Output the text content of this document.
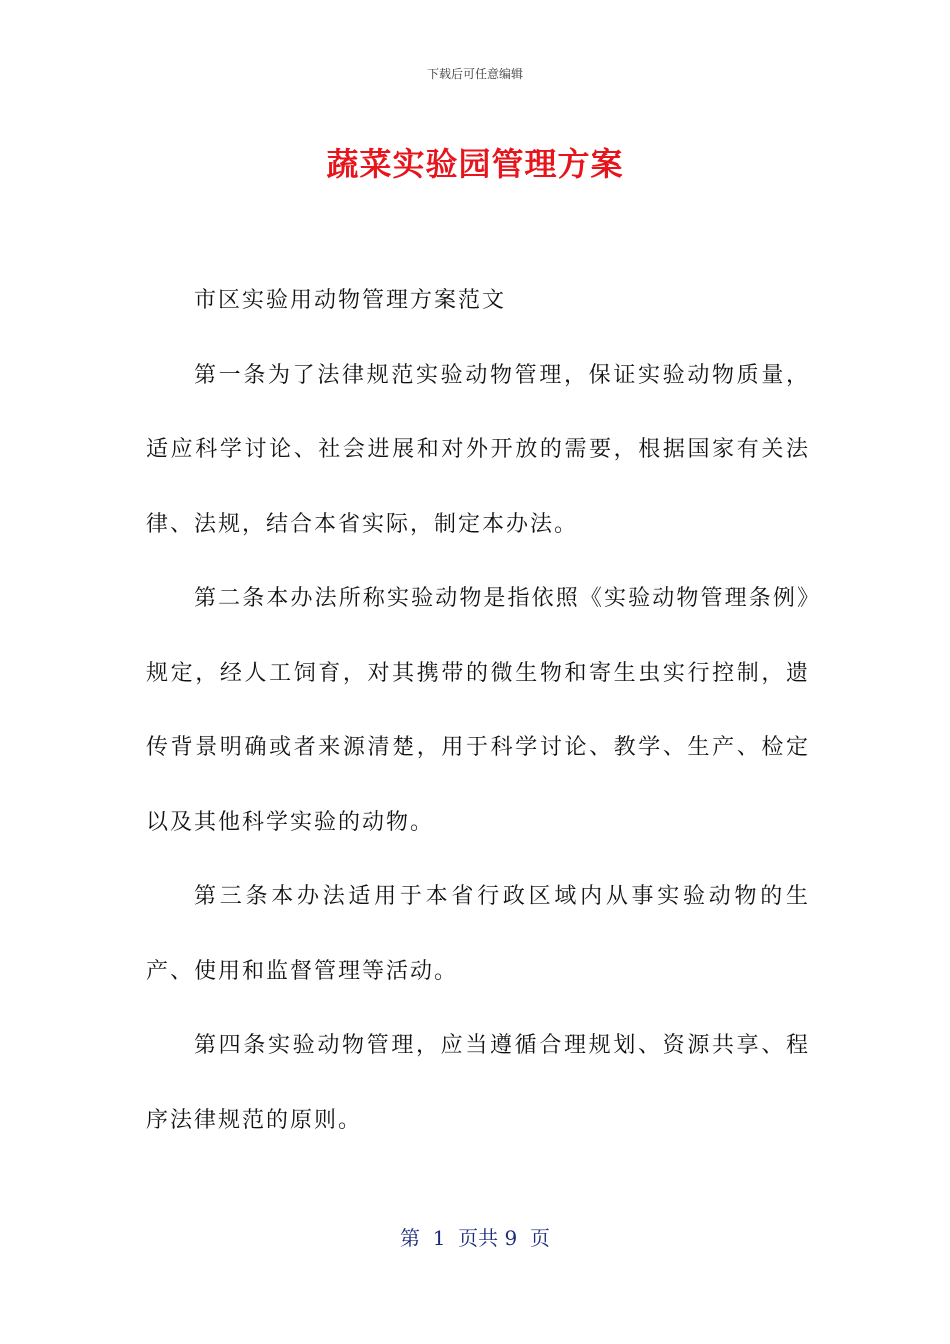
下载后可任意编辑
蔬菜实验园管理方案

市区实验用动物管理方案范文

第一条为了法律规范实验动物管理，保证实验动物质量，适应科学讨论、社会进展和对外开放的需要，根据国家有关法律、法规，结合本省实际，制定本办法。

第二条本办法所称实验动物是指依照《实验动物管理条例》规定，经人工饲育，对其携带的微生物和寄生虫实行控制，遗传背景明确或者来源清楚，用于科学讨论、教学、生产、检定以及其他科学实验的动物。

第三条本办法适用于本省行政区域内从事实验动物的生产、使用和监督管理等活动。

第四条实验动物管理，应当遵循合理规划、资源共享、程序法律规范的原则。

第  1  页共 9  页
